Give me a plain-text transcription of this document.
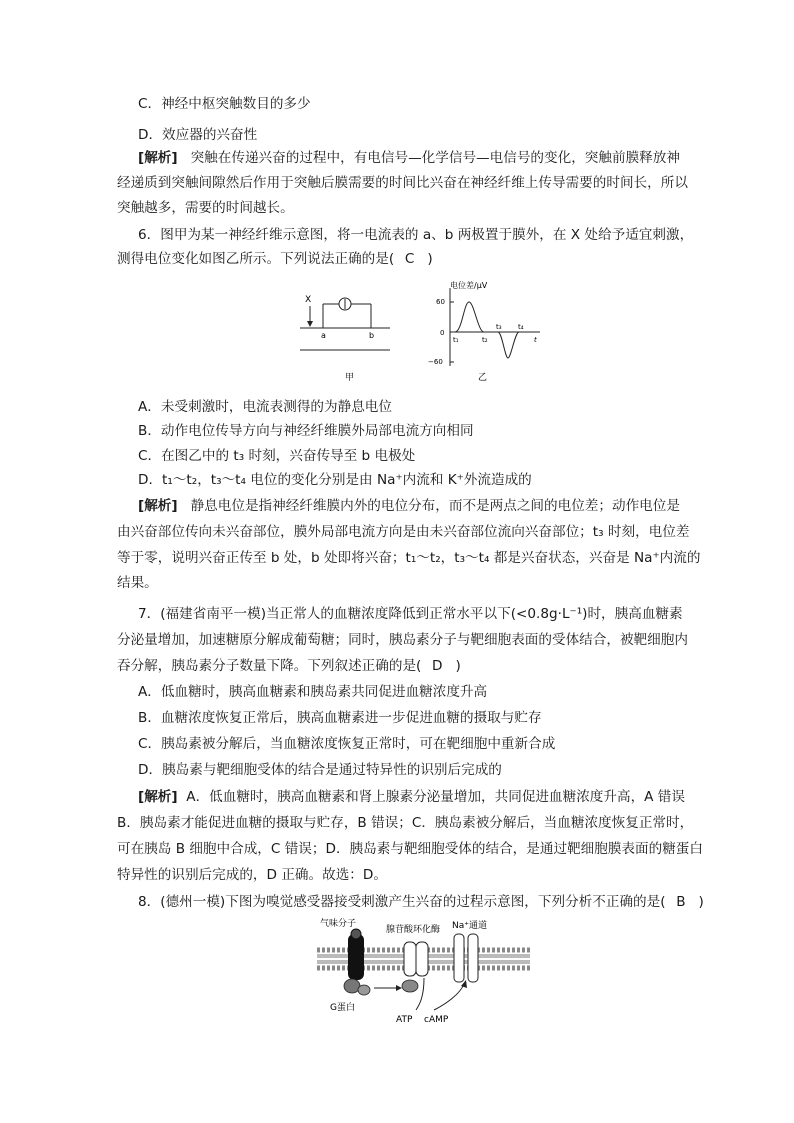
C．神经中枢突触数目的多少
D．效应器的兴奋性
[解析] 突触在传递兴奋的过程中，有电信号—化学信号—电信号的变化，突触前膜释放神
经递质到突触间隙然后作用于突触后膜需要的时间比兴奋在神经纤维上传导需要的时间长，所以
突触越多，需要的时间越长。
6．图甲为某一神经纤维示意图，将一电流表的 a、b 两极置于膜外，在 X 处给予适宜刺激，
测得电位变化如图乙所示。下列说法正确的是( C )
X
a	b
甲
电位差/μV
60
0
−60
t₁	t₂
t₃ t₄
t
乙
A．未受刺激时，电流表测得的为静息电位
B．动作电位传导方向与神经纤维膜外局部电流方向相同
C．在图乙中的 t₃ 时刻，兴奋传导至 b 电极处
D．t₁～t₂，t₃～t₄ 电位的变化分别是由 Na⁺内流和 K⁺外流造成的
[解析] 静息电位是指神经纤维膜内外的电位分布，而不是两点之间的电位差；动作电位是
由兴奋部位传向未兴奋部位，膜外局部电流方向是由未兴奋部位流向兴奋部位；t₃ 时刻，电位差
等于零，说明兴奋正传至 b 处，b 处即将兴奋；t₁～t₂，t₃～t₄ 都是兴奋状态，兴奋是 Na⁺内流的
结果。
7．(福建省南平一模)当正常人的血糖浓度降低到正常水平以下(<0.8g·L⁻¹)时，胰高血糖素
分泌量增加，加速糖原分解成葡萄糖；同时，胰岛素分子与靶细胞表面的受体结合，被靶细胞内
吞分解，胰岛素分子数量下降。下列叙述正确的是( D )
A．低血糖时，胰高血糖素和胰岛素共同促进血糖浓度升高
B．血糖浓度恢复正常后，胰高血糖素进一步促进血糖的摄取与贮存
C．胰岛素被分解后，当血糖浓度恢复正常时，可在靶细胞中重新合成
D．胰岛素与靶细胞受体的结合是通过特异性的识别后完成的
[解析] A．低血糖时，胰高血糖素和肾上腺素分泌量增加，共同促进血糖浓度升高，A 错误
B．胰岛素才能促进血糖的摄取与贮存，B 错误；C．胰岛素被分解后，当血糖浓度恢复正常时，
可在胰岛 B 细胞中合成，C 错误；D．胰岛素与靶细胞受体的结合，是通过靶细胞膜表面的糖蛋白
特异性的识别后完成的，D 正确。故选：D。
8．(德州一模)下图为嗅觉感受器接受刺激产生兴奋的过程示意图，下列分析不正确的是( B )
气味分子
G蛋白
腺苷酸环化酶 Na⁺通道
ATP cAMP
